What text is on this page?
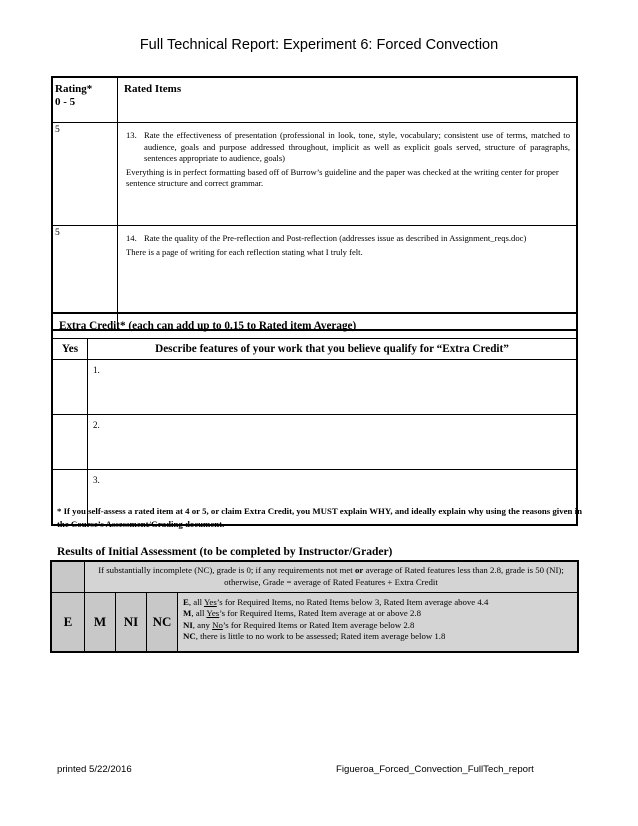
Full Technical Report: Experiment 6: Forced Convection
Rating*
0 - 5	Rated Items
5	13. Rate the effectiveness of presentation (professional in look, tone, style, vocabulary; consistent use of terms, matched to audience, goals and purpose addressed throughout, implicit as well as explicit goals served, structure of paragraphs, sentences appropriate to audience, goals)
Everything is in perfect formatting based off of Burrow’s guideline and the paper was checked at the writing center for proper sentence structure and correct grammar.

5	14. Rate the quality of the Pre-reflection and Post-reflection (addresses issue as described in Assignment_reqs.doc)
There is a page of writing for each reflection stating what I truly felt.
Extra Credit* (each can add up to 0.15 to Rated item Average)	
Yes	Describe features of your work that you believe qualify for “Extra Credit”
	1.
	2.
	3.
* If you self-assess a rated item at 4 or 5, or claim Extra Credit, you MUST explain WHY, and ideally explain why using the reasons given in the Course’s Assessment/Grading document.
Results of Initial Assessment (to be completed by Instructor/Grader)
	If substantially incomplete (NC), grade is 0; if any requirements not met or average of Rated features less than 2.8, grade is 50 (NI); otherwise, Grade = average of Rated Features + Extra Credit			
E	M	NI	NC	E, all Yes’s for Required Items, no Rated Items below 3, Rated Item average above 4.4
M, all Yes’s for Required Items, Rated Item average at or above 2.8
NI, any No’s for Required Items or Rated Item average below 2.8
NC, there is little to no work to be assessed; Rated item average below 1.8
printed 5/22/2016	Figueroa_Forced_Convection_FullTech_report
